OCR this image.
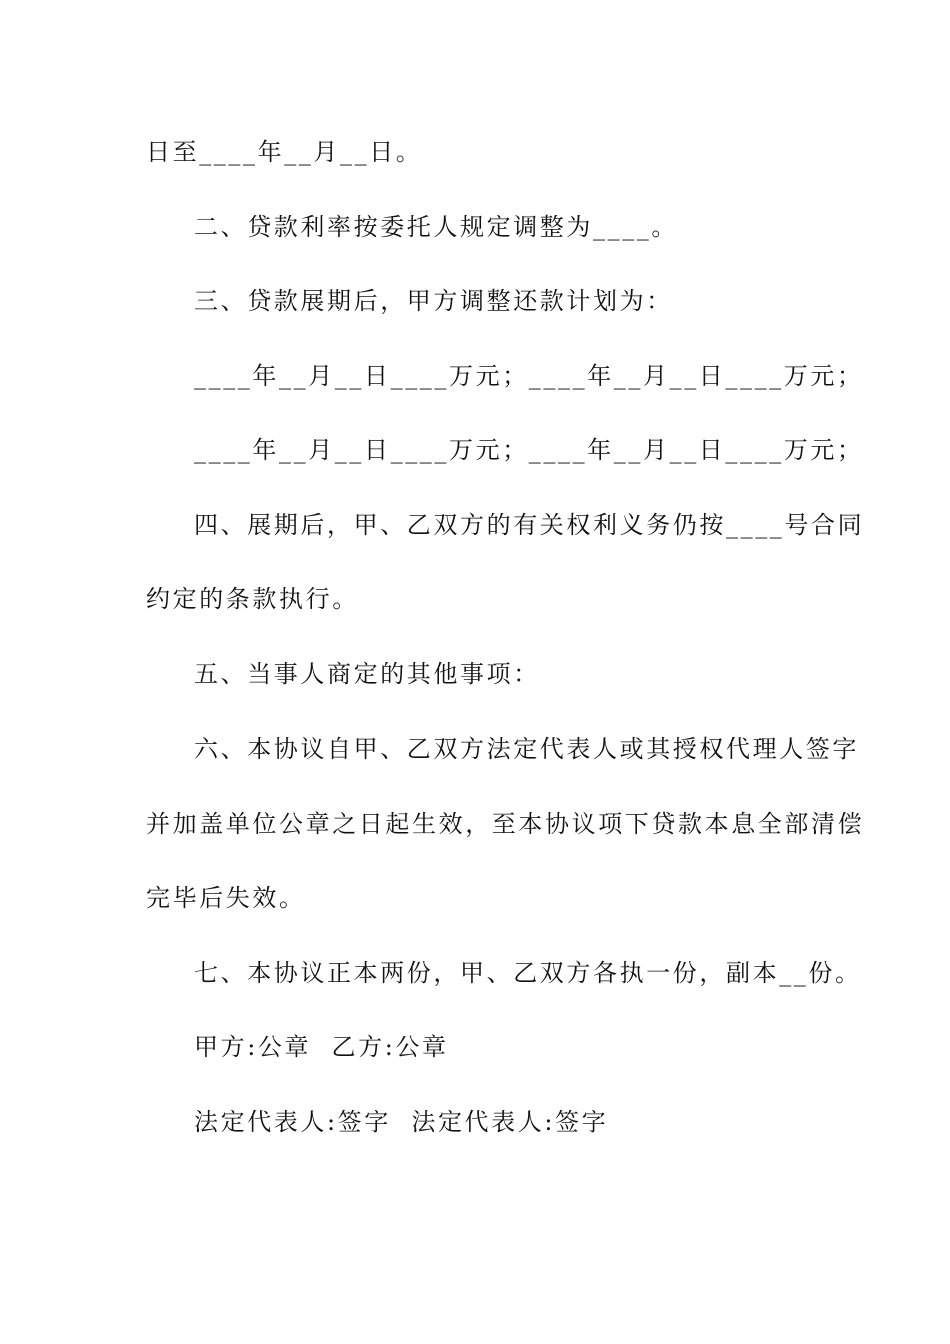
日至____年__月__日。
二、贷款利率按委托人规定调整为____。
三、贷款展期后，甲方调整还款计划为：
____年__月__日____万元；____年__月__日____万元；
____年__月__日____万元；____年__月__日____万元；
四、展期后，甲、乙双方的有关权利义务仍按____号合同
约定的条款执行。
五、当事人商定的其他事项：
六、本协议自甲、乙双方法定代表人或其授权代理人签字
并加盖单位公章之日起生效，至本协议项下贷款本息全部清偿
完毕后失效。
七、本协议正本两份，甲、乙双方各执一份，副本__份。
甲方:公章  乙方:公章
法定代表人:签字  法定代表人:签字
